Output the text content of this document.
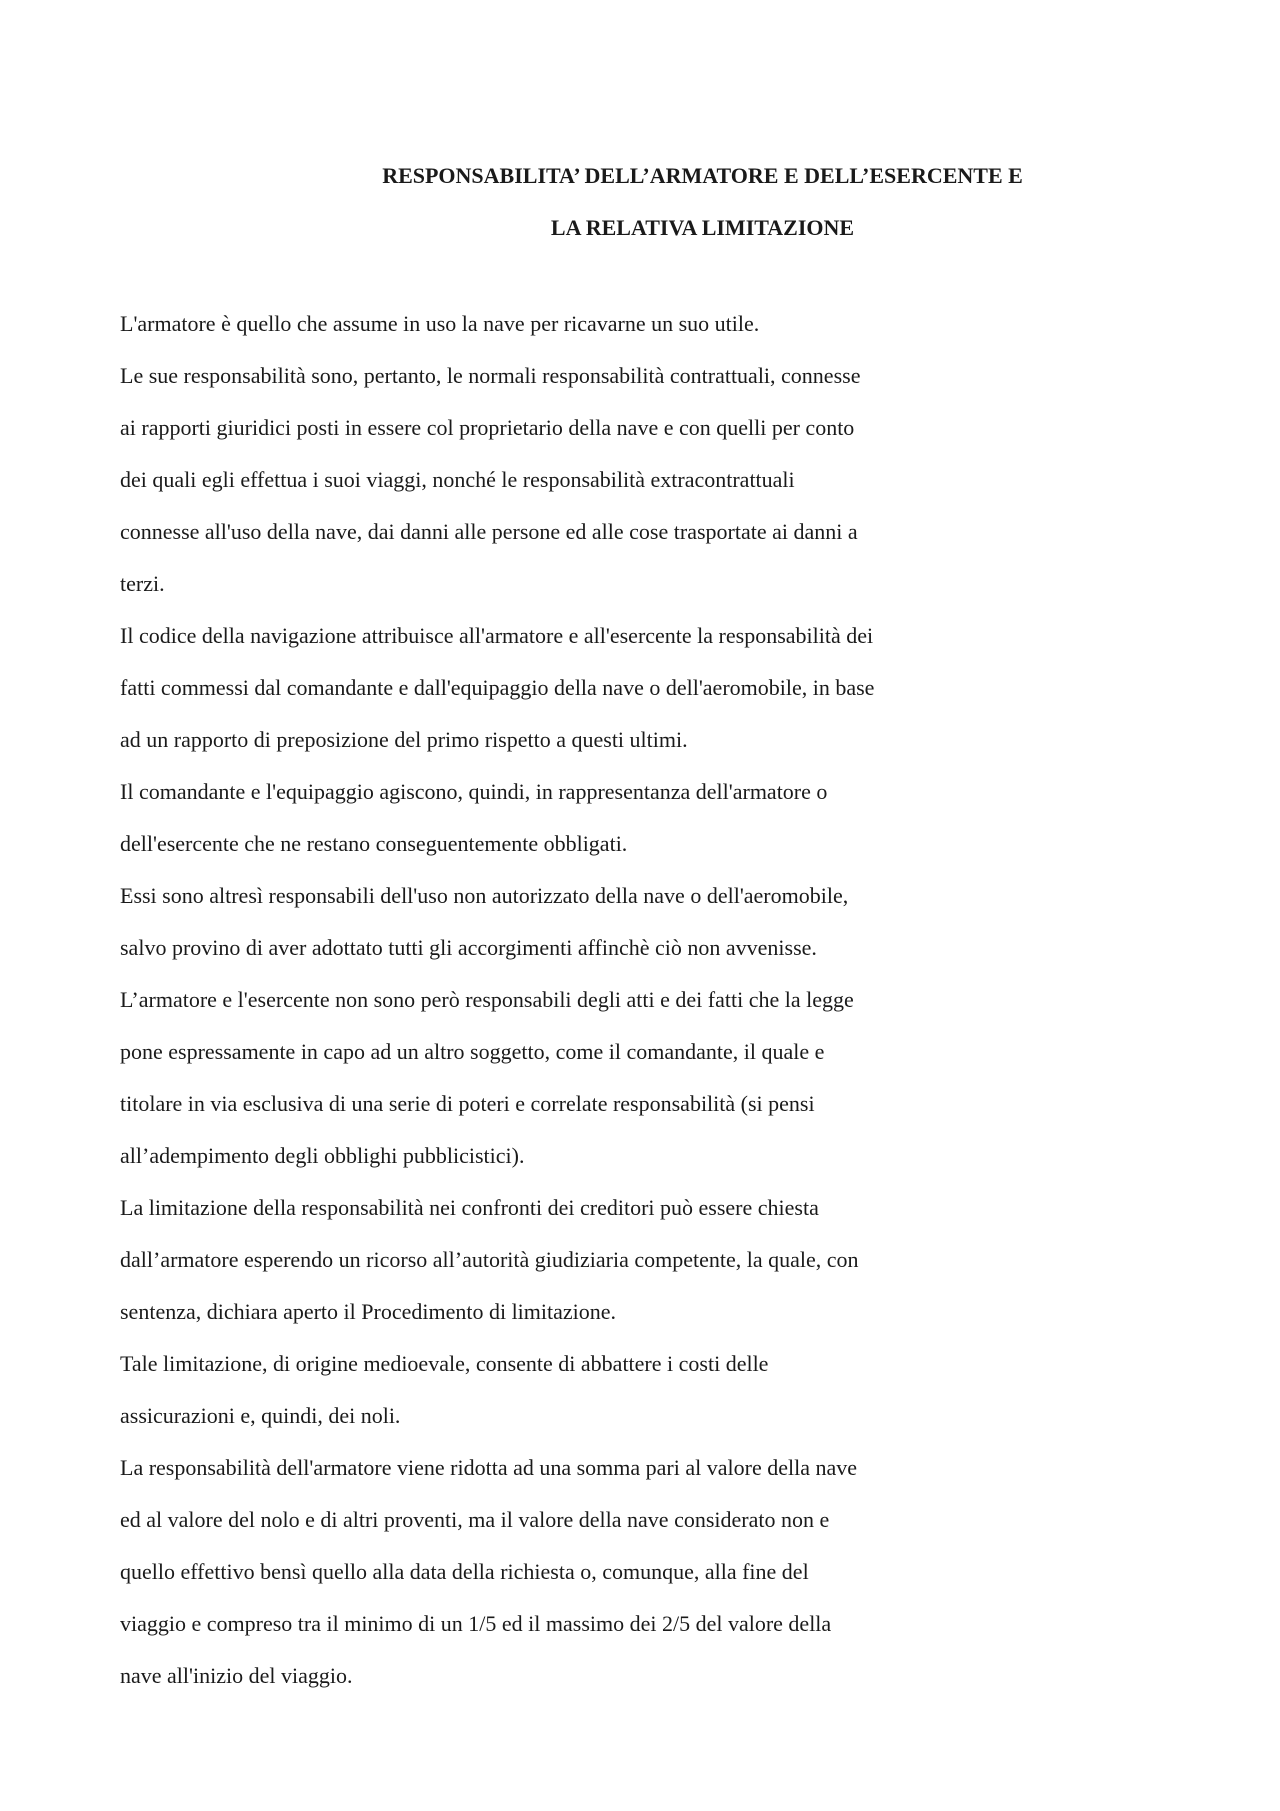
RESPONSABILITA’ DELL’ARMATORE E DELL’ESERCENTE E
LA RELATIVA LIMITAZIONE
L'armatore è quello che assume in uso la nave per ricavarne un suo utile.
Le sue responsabilità sono, pertanto, le normali responsabilità contrattuali, connesse
ai rapporti giuridici posti in essere col proprietario della nave e con quelli per conto
dei quali egli effettua i suoi viaggi, nonché le responsabilità extracontrattuali
connesse all'uso della nave, dai danni alle persone ed alle cose trasportate ai danni a
terzi.
Il codice della navigazione attribuisce all'armatore e all'esercente la responsabilità dei
fatti commessi dal comandante e dall'equipaggio della nave o dell'aeromobile, in base
ad un rapporto di preposizione del primo rispetto a questi ultimi.
Il comandante e l'equipaggio agiscono, quindi, in rappresentanza dell'armatore o
dell'esercente che ne restano conseguentemente obbligati.
Essi sono altresì responsabili dell'uso non autorizzato della nave o dell'aeromobile,
salvo provino di aver adottato tutti gli accorgimenti affinchè ciò non avvenisse.
L’armatore e l'esercente non sono però responsabili degli atti e dei fatti che la legge
pone espressamente in capo ad un altro soggetto, come il comandante, il quale e
titolare in via esclusiva di una serie di poteri e correlate responsabilità (si pensi
all’adempimento degli obblighi pubblicistici).
La limitazione della responsabilità nei confronti dei creditori può essere chiesta
dall’armatore esperendo un ricorso all’autorità giudiziaria competente, la quale, con
sentenza, dichiara aperto il Procedimento di limitazione.
Tale limitazione, di origine medioevale, consente di abbattere i costi delle
assicurazioni e, quindi, dei noli.
La responsabilità dell'armatore viene ridotta ad una somma pari al valore della nave
ed al valore del nolo e di altri proventi, ma il valore della nave considerato non e
quello effettivo bensì quello alla data della richiesta o, comunque, alla fine del
viaggio e compreso tra il minimo di un 1/5 ed il massimo dei 2/5 del valore della
nave all'inizio del viaggio.
